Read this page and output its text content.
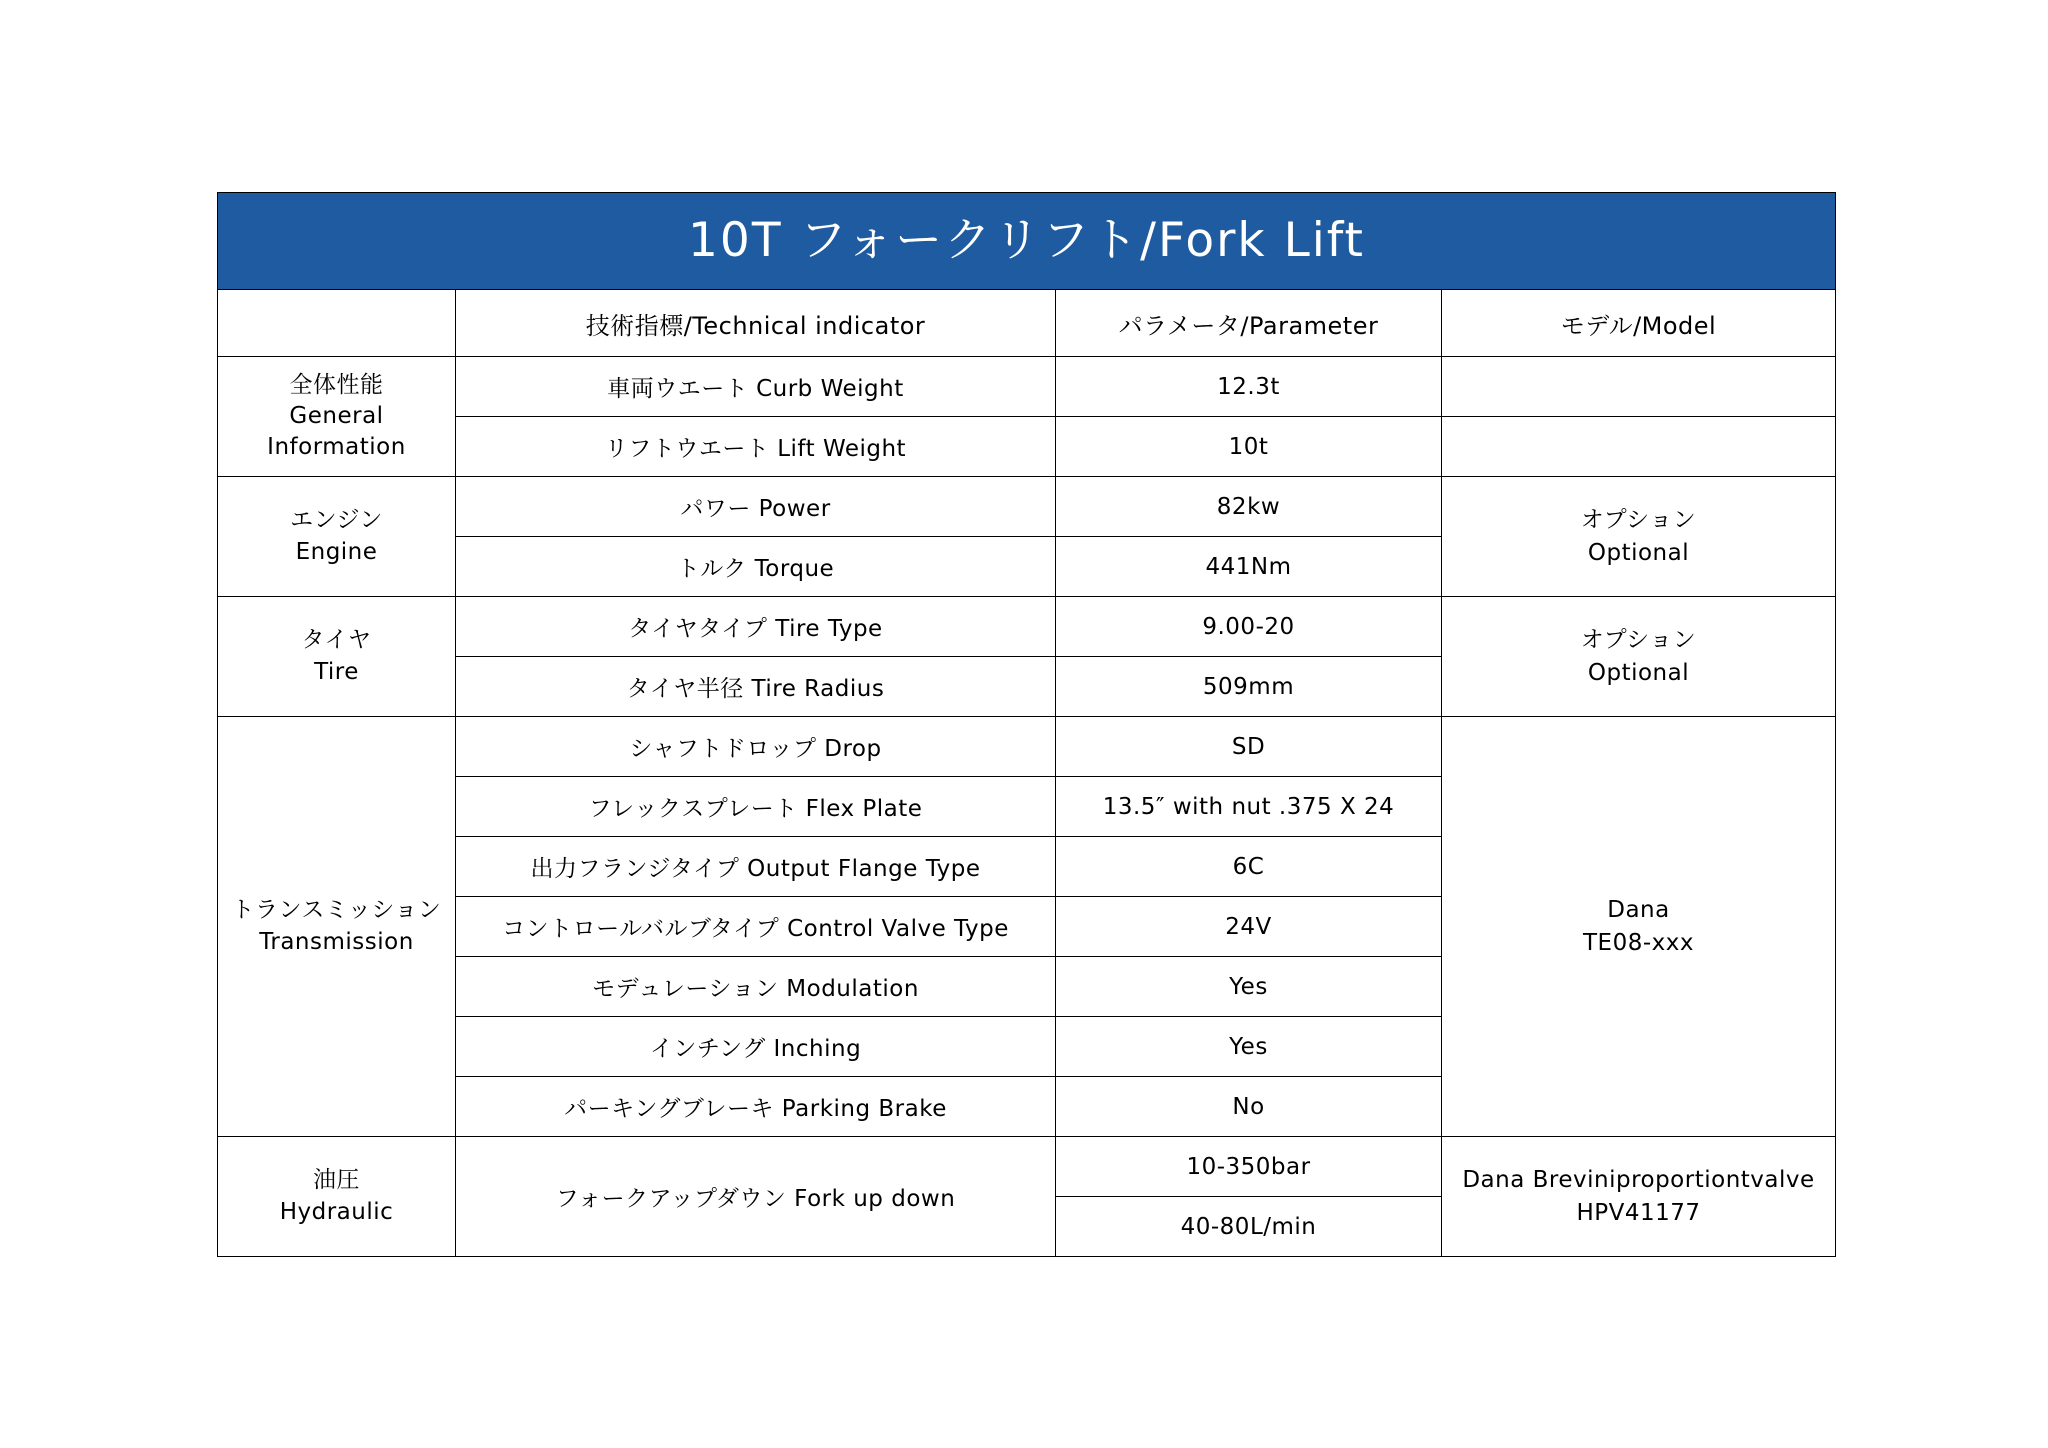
10T フォークリフト/Fork Lift			
	技術指標/Technical indicator	パラメータ/Parameter	モデル/Model

全体性能
General
Information	車両ウエート Curb Weight	12.3t	

	リフトウエート Lift Weight	10t	

エンジン
Engine	パワー Power	82kw	オプション
Optional

	トルク Torque	441Nm	

タイヤ
Tire	タイヤタイプ Tire Type	9.00-20	オプション
Optional

	タイヤ半径 Tire Radius	509mm	

トランスミッション
Transmission	シャフトドロップ Drop	SD	Dana
TE08-xxx

	フレックスプレート Flex Plate	13.5″ with nut .375 X 24	
	出力フランジタイプ Output Flange Type	6C	
	コントロールバルブタイプ Control Valve Type	24V	
	モデュレーション Modulation	Yes	
	インチング Inching	Yes	
	パーキングブレーキ Parking Brake	No	

油圧
Hydraulic	フォークアップダウン Fork up down	10-350bar	Dana Breviniproportiontvalve
HPV41177

		40-80L/min	
